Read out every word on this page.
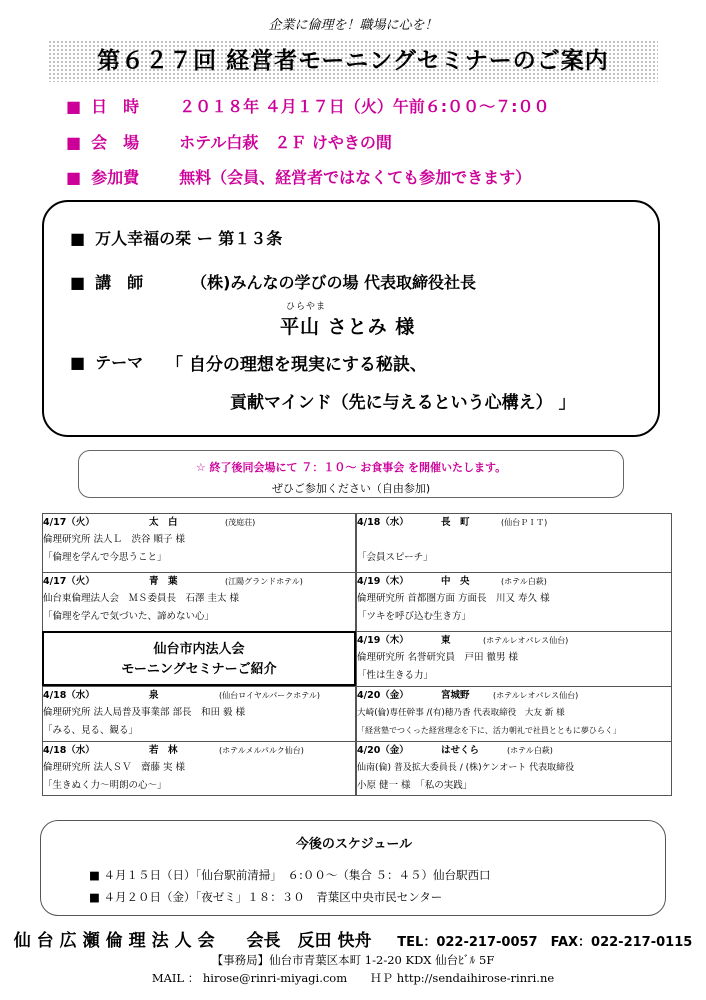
企業に倫理を！職場に心を！
第６２７回 経営者モーニングセミナーのご案内
■ 日　時 ２０１８年 ４月１７日（火）午前６:００～７:００
■ 会　場 ホテル白萩　２Ｆ けやきの間
■ 参加費 無料（会員、経営者ではなくても参加できます）
■ 万人幸福の栞 ー 第１３条
■ 講　師	（株)みんなの学びの場 代表取締役社長
ひらやま
平山 さとみ 様
■ テーマ	「 自分の理想を現実にする秘訣、
貢献マインド（先に与えるという心構え） 」
☆ 終了後同会場にて ７：１０～ お食事会 を開催いたします。
ぜひご参加ください（自由参加)
4/17（火）	太　白	(茂庭荘)
倫理研究所 法人Ｌ　渋谷 順子 様
「倫理を学んで今思うこと」
4/17（火）	青　葉	(江陽グランドホテル)
仙台東倫理法人会　ＭＳ委員長　石澤 圭太 様
「倫理を学んで気づいた、諦めない心」
仙台市内法人会
モーニングセミナーご紹介
4/18（水）	泉	(仙台ロイヤルパークホテル)
倫理研究所 法人局普及事業部 部長　和田 毅 様
「みる、見る、観る」
4/18（水）	若　林	(ホテルメルパルク仙台)
倫理研究所 法人ＳＶ　齋藤 実 様
「生きぬく力～明朗の心～」
4/18（水）	長　町	(仙台ＰＩＴ)
「会員スピーチ」
4/19（木）	中　央	(ホテル白萩)
倫理研究所 首都圏方面 方面長　川又 寿久 様
「ツキを呼び込む生き方」
4/19（木）	東	(ホテルレオパレス仙台)
倫理研究所 名誉研究員　戸田 徹男 様
「性は生きる力」
4/20（金）	宮城野	(ホテルレオパレス仙台)
大崎(倫)専任幹事 /(有)穂乃香 代表取締役　大友 新 様
「経営塾でつくった経営理念を下に、活力朝礼で社員とともに夢ひらく」
4/20（金）	はせくら	(ホテル白萩)
仙南(倫) 普及拡大委員長 / (株)ケンオート 代表取締役
小原 健一 様　「私の実践」
今後のスケジュール
■ ４月１５日（日）「仙台駅前清掃」　６:００～（集合 ５：４５）仙台駅西口
■ ４月２０日（金）「夜ゼミ」１８：３０　青葉区中央市民センター
仙台広瀬倫理法人会 会長　反田 快舟 TEL：022-217-0057　FAX：022-217-0115
【事務局】仙台市青葉区本町 1-2-20 KDX 仙台ﾋﾞﾙ 5F
MAIL ： hirose@rinri-miyagi.com　　ＨＰ http://sendaihirose-rinri.ne
